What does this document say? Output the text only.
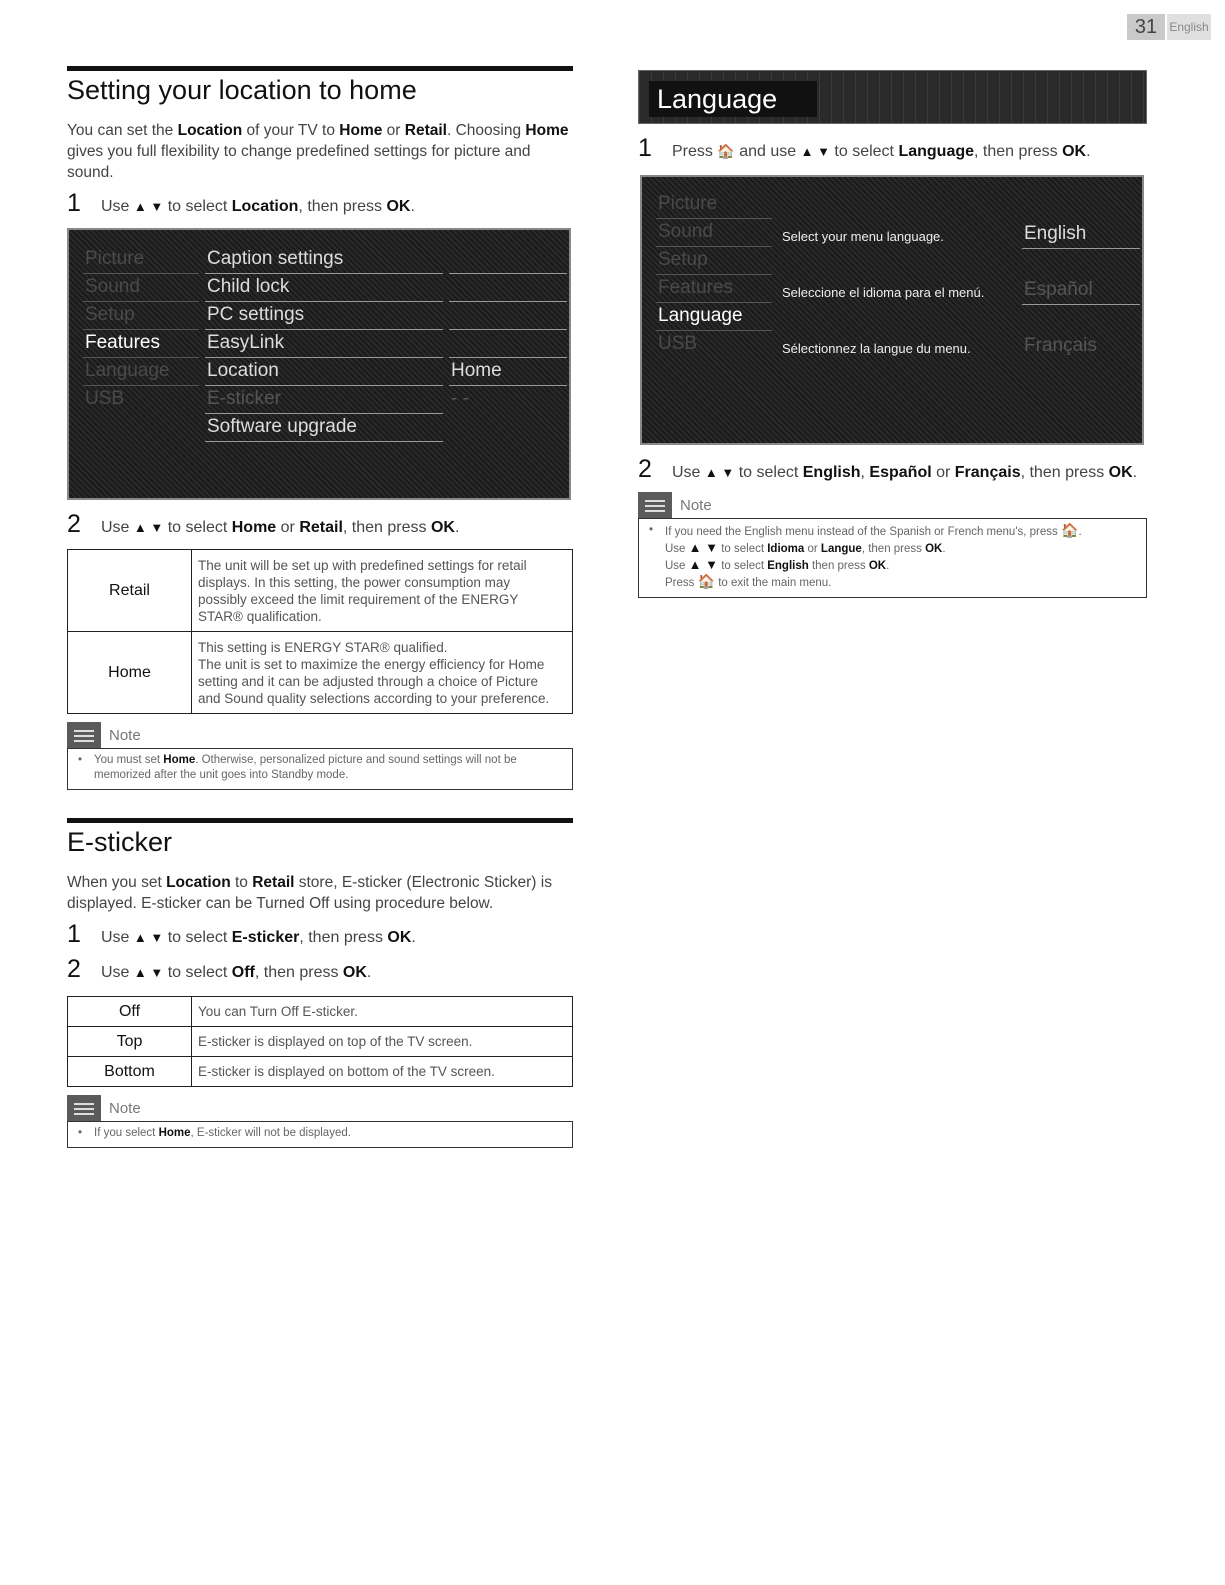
31	English
Setting your location to home

You can set the Location of your TV to Home or Retail. Choosing Home gives you full flexibility to change predefined settings for picture and sound.

1	Use ▲ ▼ to select Location, then press OK.
Picture
Sound
Setup
Features
Language
USB
Caption settings
Child lock
PC settings
EasyLink
Location
E-sticker
Software upgrade
Home
- -
2	Use ▲ ▼ to select Home or Retail, then press OK.
Retail	The unit will be set up with predefined settings for retail
displays. In this setting, the power consumption may
possibly exceed the limit requirement of the ENERGY
STAR® qualification.

Home	This setting is ENERGY STAR® qualified.
The unit is set to maximize the energy efficiency for Home
setting and it can be adjusted through a choice of Picture
and Sound quality selections according to your preference.
Note
•	You must set Home. Otherwise, personalized picture and sound settings will not be memorized after the unit goes into Standby mode.
E-sticker

When you set Location to Retail store, E-sticker (Electronic Sticker) is displayed. E-sticker can be Turned Off using procedure below.

1	Use ▲ ▼ to select E-sticker, then press OK.
2	Use ▲ ▼ to select Off, then press OK.
Off	You can Turn Off E-sticker.
Top	E-sticker is displayed on top of the TV screen.
Bottom	E-sticker is displayed on bottom of the TV screen.
Note
•	If you select Home, E-sticker will not be displayed.
Language
1	Press 🏠 and use ▲ ▼ to select Language, then press OK.
Picture
Sound
Setup
Features
Language
USB
Select your menu language.
Seleccione el idioma para el menú.
Sélectionnez la langue du menu.
English
Español
Français
2	Use ▲ ▼ to select English, Español or Français, then press OK.
Note
•	If you need the English menu instead of the Spanish or French menu's, press 🏠.
Use ▲ ▼ to select Idioma or Langue, then press OK.
Use ▲ ▼ to select English then press OK.
Press 🏠 to exit the main menu.
